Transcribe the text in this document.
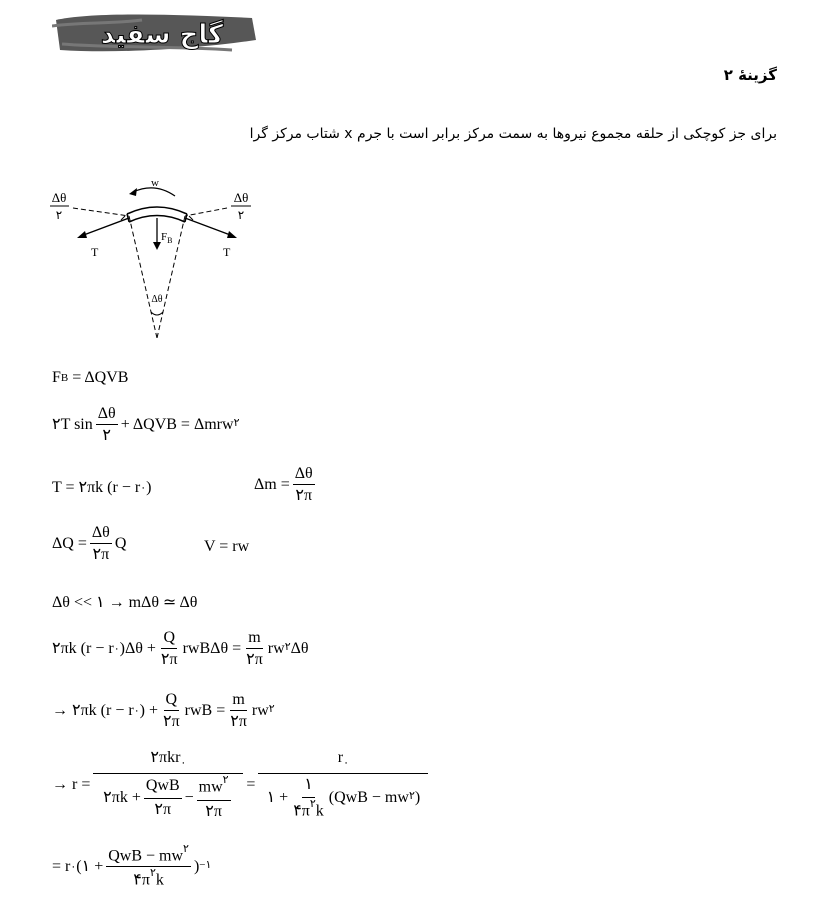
گاج سفید
گزینهٔ ۲
برای جز کوچکی از حلقه مجموع نیروها به سمت مرکز برابر است با جرم x شتاب مرکز گرا
Δθ
۲
Δθ
۲
w
T	T
$F_B$
Δθ
F B = ΔQVB
۲T $\sin \frac{\Delta\theta}{۲} + \Delta QVB = \Delta mrw^۲$
T = ۲πk (r − r ۰ )	$\Delta m = \frac{\Delta\theta}{۲\pi}$
$\Delta Q = \frac{\Delta\theta}{۲\pi}$ Q	V = rw
Δθ << ۱ → mΔθ ≃ Δθ
۲πk (r − r ۰ )$\Delta\theta + \frac{Q}{۲\pi}$ $rwB\Delta\theta = \frac{m}{۲\pi} rw^۲$ Δθ
→ ۲πk (r − r ۰ ) + $\frac{Q}{۲\pi}$ rwB = $\frac{m}{۲\pi} rw^۲$
→ $r = \frac{۲\pi kr_۰}{۲\pi k + \frac{\text{QwB}}{۲\pi} - \frac{mw^۲}{۲\pi}} = \frac{r_۰}{۱ + \frac{۱}{۴\pi^۲k} (QwB - mw^۲ )}$
= r ۰ (۱ + $\frac{QwB - mw^۲}{۴\pi^۲k} )^{-۱}$
